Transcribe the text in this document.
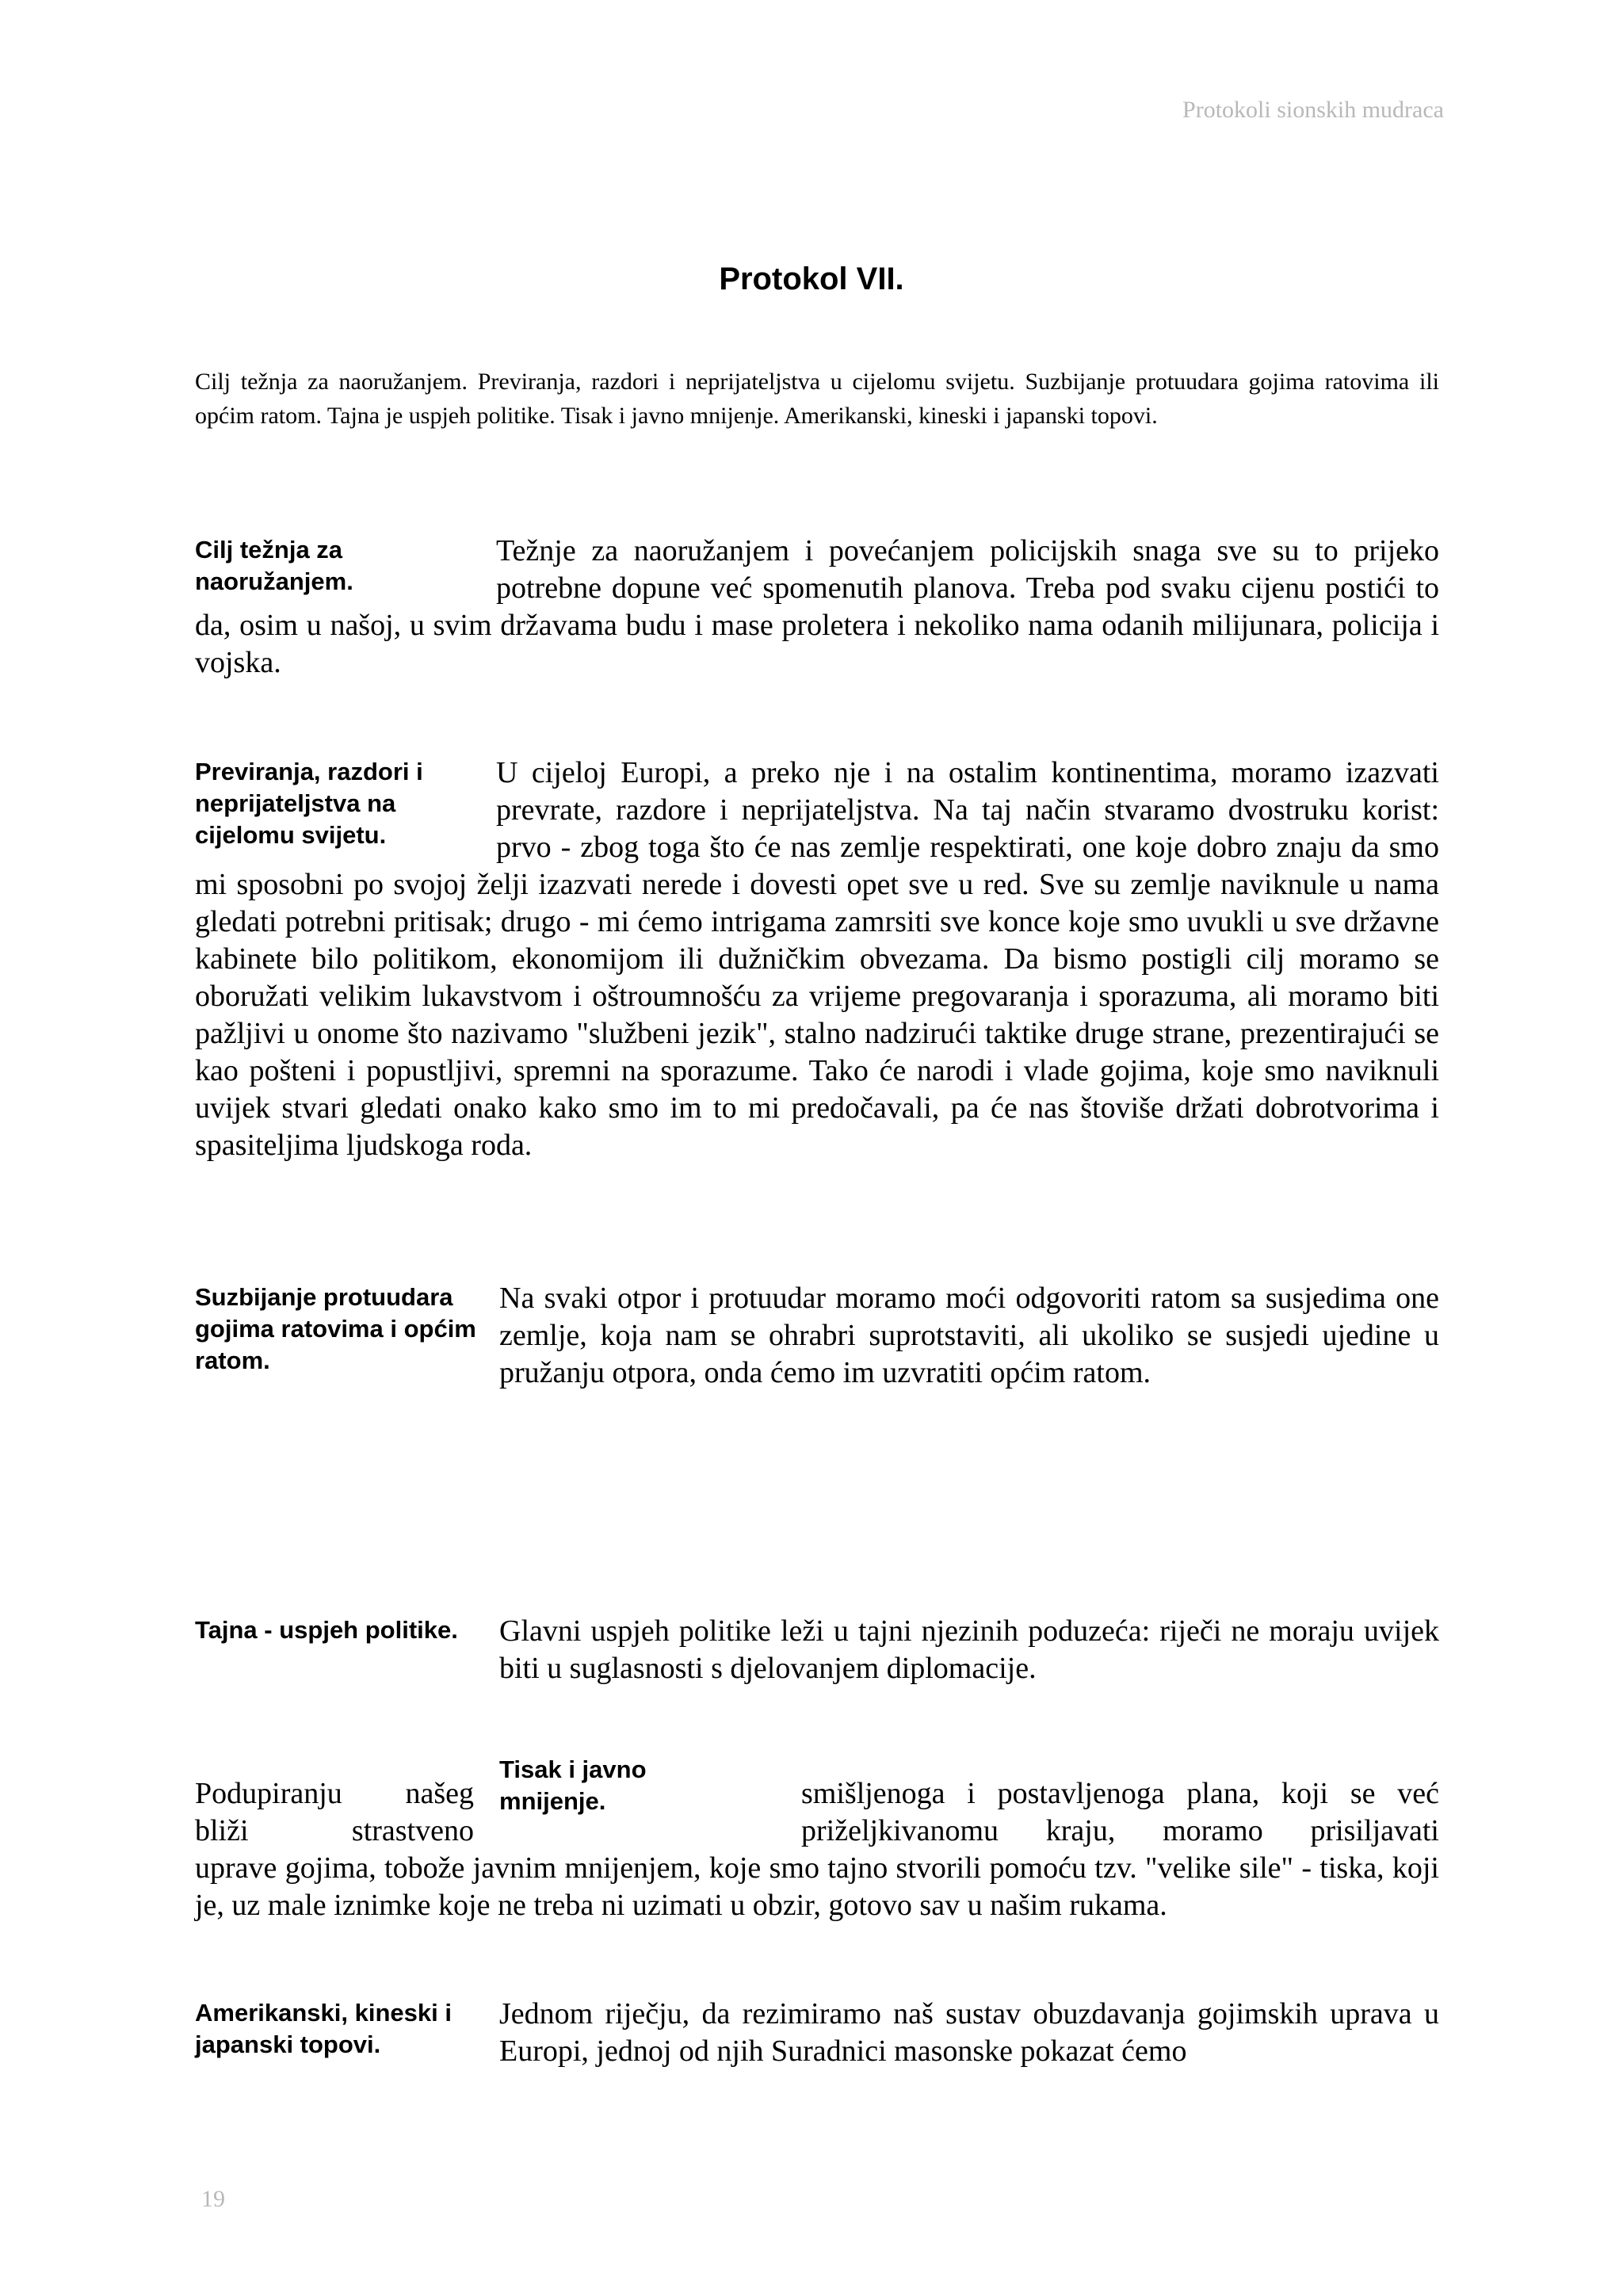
Protokoli sionskih mudraca
Protokol VII.
Cilj težnja za naoružanjem. Previranja, razdori i neprijateljstva u cijelomu svijetu. Suzbijanje protuudara gojima ratovima ili općim ratom. Tajna je uspjeh politike. Tisak i javno mnijenje. Amerikanski, kineski i japanski topovi.
Cilj težnja za naoružanjem.
Težnje za naoružanjem i povećanjem policijskih snaga sve su to prijeko potrebne dopune već spomenutih planova. Treba pod svaku cijenu postići to da, osim u našoj, u svim državama budu i mase proletera i nekoliko nama odanih milijunara, policija i vojska.
Previranja, razdori i neprijateljstva na cijelomu svijetu.
U cijeloj Europi, a preko nje i na ostalim kontinentima, moramo izazvati prevrate, razdore i neprijateljstva. Na taj način stvaramo dvostruku korist: prvo - zbog toga što će nas zemlje respektirati, one koje dobro znaju da smo mi sposobni po svojoj želji izazvati nerede i dovesti opet sve u red. Sve su zemlje naviknule u nama gledati potrebni pritisak; drugo - mi ćemo intrigama zamrsiti sve konce koje smo uvukli u sve državne kabinete bilo politikom, ekonomijom ili dužničkim obvezama. Da bismo postigli cilj moramo se oboružati velikim lukavstvom i oštroumnošću za vrijeme pregovaranja i sporazuma, ali moramo biti pažljivi u onome što nazivamo "službeni jezik", stalno nadzirući taktike druge strane, prezentirajući se kao pošteni i popustljivi, spremni na sporazume. Tako će narodi i vlade gojima, koje smo naviknuli uvijek stvari gledati onako kako smo im to mi predočavali, pa će nas štoviše držati dobrotvorima i spasiteljima ljudskoga roda.
Suzbijanje protuudara gojima ratovima i općim ratom.
Na svaki otpor i protuudar moramo moći odgovoriti ratom sa susjedima one zemlje, koja nam se ohrabri suprotstaviti, ali ukoliko se susjedi ujedine u pružanju otpora, onda ćemo im uzvratiti općim ratom.
Tajna - uspjeh politike.	Glavni uspjeh politike leži u tajni njezinih poduzeća: riječi ne moraju uvijek biti u suglasnosti s djelovanjem diplomacije.
Tisak i javno mnijenje.
Podupiranju našeg	smišljenoga i postavljenoga plana, koji se već
bliži strastveno	priželjkivanomu kraju, moramo prisiljavati
uprave gojima, tobože javnim mnijenjem, koje smo tajno stvorili pomoću tzv. "velike sile" - tiska, koji je, uz male iznimke koje ne treba ni uzimati u obzir, gotovo sav u našim rukama.
Amerikanski, kineski i japanski topovi.
Jednom riječju, da rezimiramo naš sustav obuzdavanja gojimskih uprava u Europi, jednoj od njih Suradnici masonske pokazat ćemo
19
